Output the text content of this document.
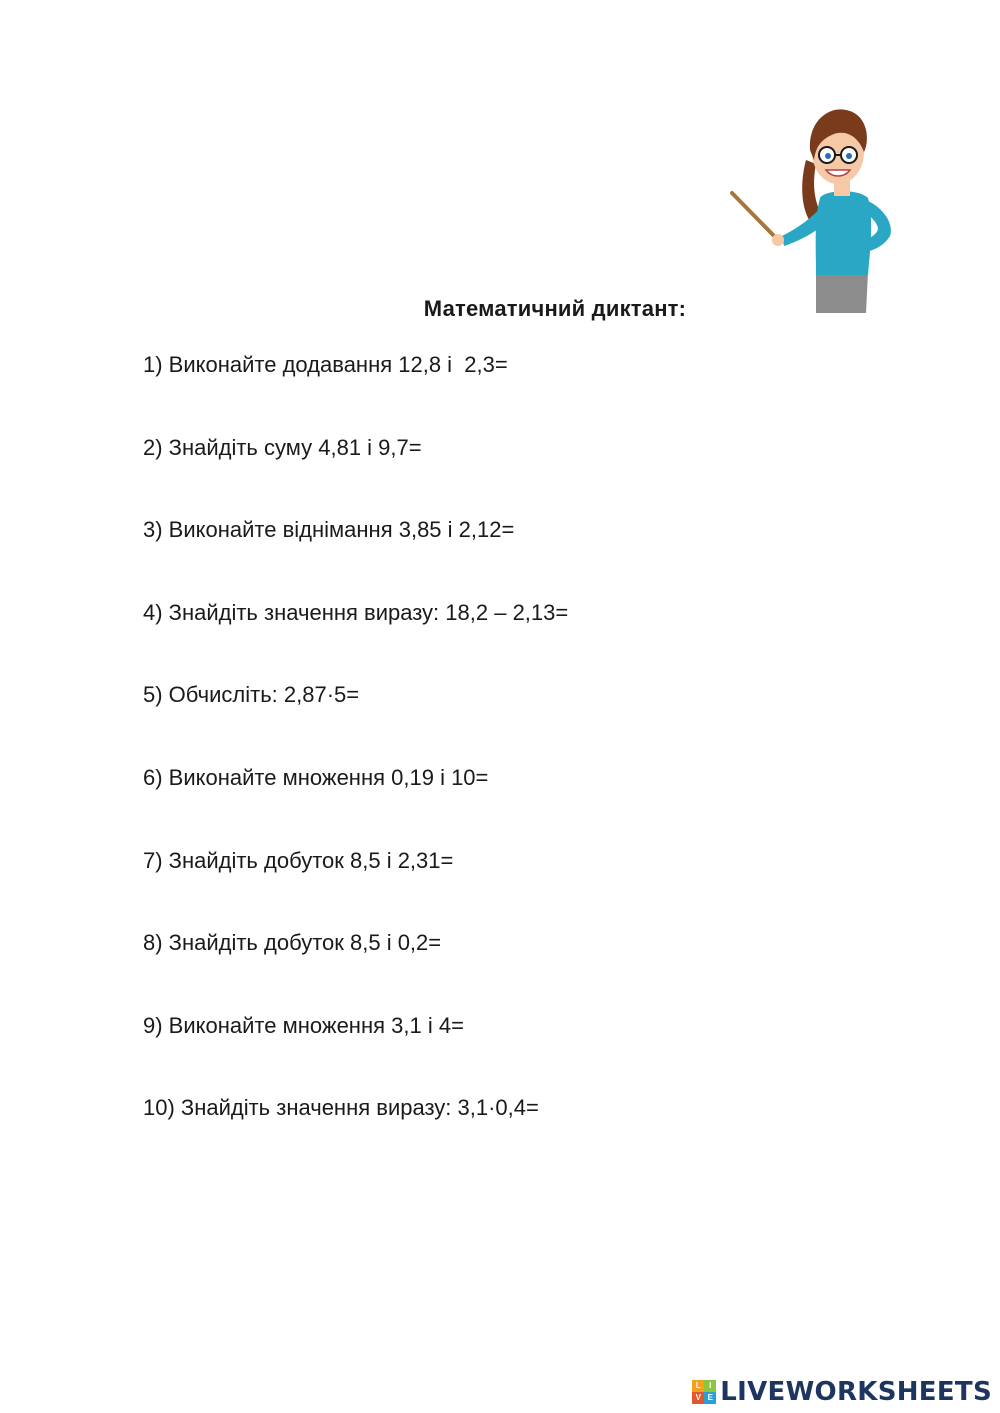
Математичний диктант:
1) Виконайте додавання 12,8 і  2,3=
2) Знайдіть суму 4,81 і 9,7=
3) Виконайте віднімання 3,85 і 2,12=
4) Знайдіть значення виразу: 18,2 – 2,13=
5) Обчисліть: 2,87·5=
6) Виконайте множення 0,19 і 10=
7) Знайдіть добуток 8,5 і 2,31=
8) Знайдіть добуток 8,5 і 0,2=
9) Виконайте множення 3,1 і 4=
10) Знайдіть значення виразу: 3,1·0,4=
L	I
V E LIVEWORKSHEETS
